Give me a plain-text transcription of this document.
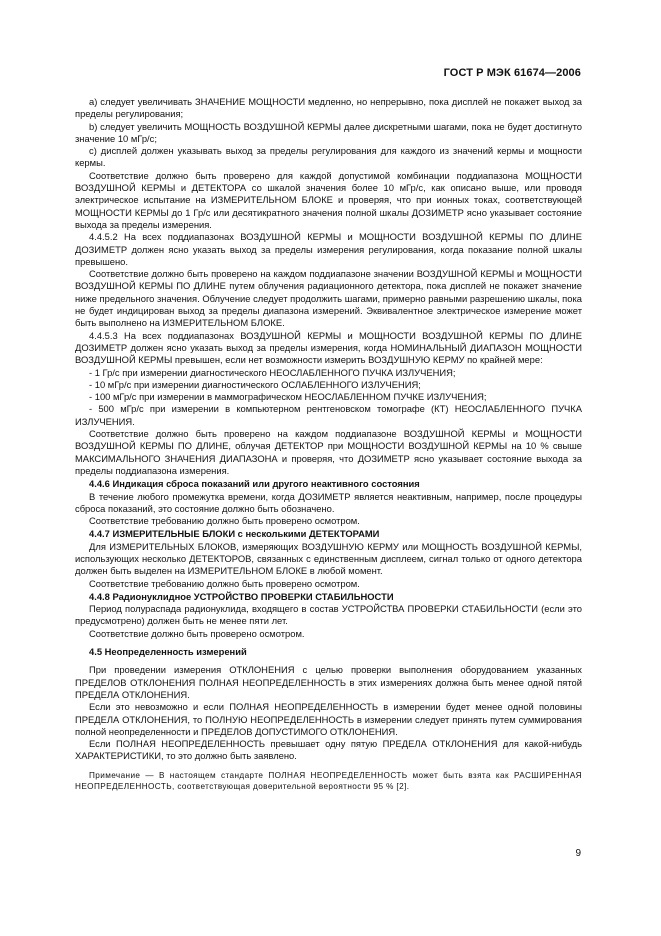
ГОСТ Р МЭК 61674—2006

a) следует увеличивать ЗНАЧЕНИЕ МОЩНОСТИ медленно, но непрерывно, пока дисплей не покажет выход за пределы регулирования;

b) следует увеличить МОЩНОСТЬ ВОЗДУШНОЙ КЕРМЫ далее дискретными шагами, пока не будет достигнуто значение 10 мГр/с;

c) дисплей должен указывать выход за пределы регулирования для каждого из значений кермы и мощности кермы.

Соответствие должно быть проверено для каждой допустимой комбинации поддиапазона МОЩНОСТИ ВОЗДУШНОЙ КЕРМЫ и ДЕТЕКТОРА со шкалой значения более 10 мГр/с, как описано выше, или проводя электрическое испытание на ИЗМЕРИТЕЛЬНОМ БЛОКЕ и проверяя, что при ионных токах, соответствующей МОЩНОСТИ КЕРМЫ до 1 Гр/с или десятикратного значения полной шкалы ДОЗИМЕТР ясно указывает состояние выхода за пределы измерения.

4.4.5.2 На всех поддиапазонах ВОЗДУШНОЙ КЕРМЫ и МОЩНОСТИ ВОЗДУШНОЙ КЕРМЫ ПО ДЛИНЕ ДОЗИМЕТР должен ясно указать выход за пределы измерения регулирования, когда показание полной шкалы превышено.

Соответствие должно быть проверено на каждом поддиапазоне значении ВОЗДУШНОЙ КЕРМЫ и МОЩНОСТИ ВОЗДУШНОЙ КЕРМЫ ПО ДЛИНЕ путем облучения радиационного детектора, пока дисплей не покажет значение ниже предельного значения. Облучение следует продолжить шагами, примерно равными разрешению шкалы, пока не будет индицирован выход за пределы диапазона измерений. Эквивалентное электрическое измерение может быть выполнено на ИЗМЕРИТЕЛЬНОМ БЛОКЕ.

4.4.5.3 На всех поддиапазонах ВОЗДУШНОЙ КЕРМЫ и МОЩНОСТИ ВОЗДУШНОЙ КЕРМЫ ПО ДЛИНЕ ДОЗИМЕТР должен ясно указать выход за пределы измерения, когда НОМИНАЛЬНЫЙ ДИАПАЗОН МОЩНОСТИ ВОЗДУШНОЙ КЕРМЫ превышен, если нет возможности измерить ВОЗДУШНУЮ КЕРМУ по крайней мере:

- 1 Гр/с при измерении диагностического НЕОСЛАБЛЕННОГО ПУЧКА ИЗЛУЧЕНИЯ;

- 10 мГр/с при измерении диагностического ОСЛАБЛЕННОГО ИЗЛУЧЕНИЯ;

- 100 мГр/с при измерении в маммографическом НЕОСЛАБЛЕННОМ ПУЧКЕ ИЗЛУЧЕНИЯ;

- 500 мГр/с при измерении в компьютерном рентгеновском томографе (КТ) НЕОСЛАБЛЕННОГО ПУЧКА ИЗЛУЧЕНИЯ.

Соответствие должно быть проверено на каждом поддиапазоне ВОЗДУШНОЙ КЕРМЫ и МОЩНОСТИ ВОЗДУШНОЙ КЕРМЫ ПО ДЛИНЕ, облучая ДЕТЕКТОР при МОЩНОСТИ ВОЗДУШНОЙ КЕРМЫ на 10 % свыше МАКСИМАЛЬНОГО ЗНАЧЕНИЯ ДИАПАЗОНА и проверяя, что ДОЗИМЕТР ясно указывает состояние выхода за пределы поддиапазона измерения.

4.4.6 Индикация сброса показаний или другого неактивного состояния

В течение любого промежутка времени, когда ДОЗИМЕТР является неактивным, например, после процедуры сброса показаний, это состояние должно быть обозначено.

Соответствие требованию должно быть проверено осмотром.

4.4.7 ИЗМЕРИТЕЛЬНЫЕ БЛОКИ с несколькими ДЕТЕКТОРАМИ

Для ИЗМЕРИТЕЛЬНЫХ БЛОКОВ, измеряющих ВОЗДУШНУЮ КЕРМУ или МОЩНОСТЬ ВОЗДУШНОЙ КЕРМЫ, использующих несколько ДЕТЕКТОРОВ, связанных с единственным дисплеем, сигнал только от одного детектора должен быть выделен на ИЗМЕРИТЕЛЬНОМ БЛОКЕ в любой момент.

Соответствие требованию должно быть проверено осмотром.

4.4.8 Радионуклидное УСТРОЙСТВО ПРОВЕРКИ СТАБИЛЬНОСТИ

Период полураспада радионуклида, входящего в состав УСТРОЙСТВА ПРОВЕРКИ СТАБИЛЬНОСТИ (если это предусмотрено) должен быть не менее пяти лет.

Соответствие должно быть проверено осмотром.

4.5 Неопределенность измерений

При проведении измерения ОТКЛОНЕНИЯ с целью проверки выполнения оборудованием указанных ПРЕДЕЛОВ ОТКЛОНЕНИЯ ПОЛНАЯ НЕОПРЕДЕЛЕННОСТЬ в этих измерениях должна быть менее одной пятой ПРЕДЕЛА ОТКЛОНЕНИЯ.

Если это невозможно и если ПОЛНАЯ НЕОПРЕДЕЛЕННОСТЬ в измерении будет менее одной половины ПРЕДЕЛА ОТКЛОНЕНИЯ, то ПОЛНУЮ НЕОПРЕДЕЛЕННОСТЬ в измерении следует принять путем суммирования полной неопределенности и ПРЕДЕЛОВ ДОПУСТИМОГО ОТКЛОНЕНИЯ.

Если ПОЛНАЯ НЕОПРЕДЕЛЕННОСТЬ превышает одну пятую ПРЕДЕЛА ОТКЛОНЕНИЯ для какой-нибудь ХАРАКТЕРИСТИКИ, то это должно быть заявлено.

Примечание — В настоящем стандарте ПОЛНАЯ НЕОПРЕДЕЛЕННОСТЬ может быть взята как РАСШИРЕННАЯ НЕОПРЕДЕЛЕННОСТЬ, соответствующая доверительной вероятности 95 % [2].

9
